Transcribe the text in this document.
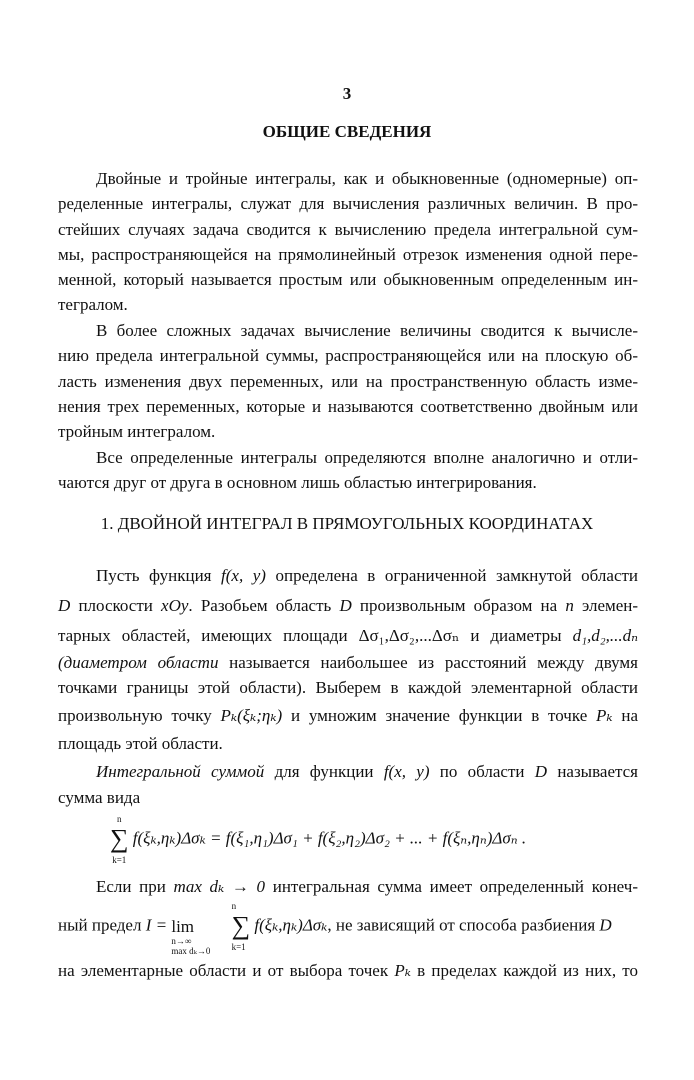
3
ОБЩИЕ СВЕДЕНИЯ
Двойные и тройные интегралы, как и обыкновенные (одномерные) оп-
ределенные интегралы, служат для вычисления различных величин. В про-
стейших случаях задача сводится к вычислению предела интегральной сум-
мы, распространяющейся на прямолинейный отрезок изменения одной пере-
менной, который называется простым или обыкновенным определенным ин-
тегралом.
В более сложных задачах вычисление величины сводится к вычисле-
нию предела интегральной суммы, распространяющейся или на плоскую об-
ласть изменения двух переменных, или на пространственную область изме-
нения трех переменных, которые и называются соответственно двойным или
тройным интегралом.
Все определенные интегралы определяются вполне аналогично и отли-
чаются друг от друга в основном лишь областью интегрирования.
1. ДВОЙНОЙ ИНТЕГРАЛ В ПРЯМОУГОЛЬНЫХ КООРДИНАТАХ
Пусть функция f(x, y) определена в ограниченной замкнутой области
D плоскости xOy. Разобьем область D произвольным образом на n элемен-
тарных областей, имеющих площади Δσ₁,Δσ₂,...Δσₙ и диаметры d₁,d₂,...dₙ
(диаметром области называется наибольшее из расстояний между двумя
точками границы этой области). Выберем в каждой элементарной области
произвольную точку Pₖ(ξₖ;ηₖ) и умножим значение функции в точке Pₖ на
площадь этой области.
Интегральной суммой для функции f(x, y) по области D называется
сумма вида
n
∑
k=1
f(ξₖ,ηₖ)Δσₖ = f(ξ₁,η₁)Δσ₁ + f(ξ₂,η₂)Δσ₂ + ... + f(ξₙ,ηₙ)Δσₙ .
Если при max dₖ → 0 интегральная сумма имеет определенный конеч-
ный предел I = lim
n→∞
max dₖ→0

n
∑
k=1
f(ξₖ,ηₖ)Δσₖ, не зависящий от способа разбиения D
на элементарные области и от выбора точек Pₖ в пределах каждой из них, то
